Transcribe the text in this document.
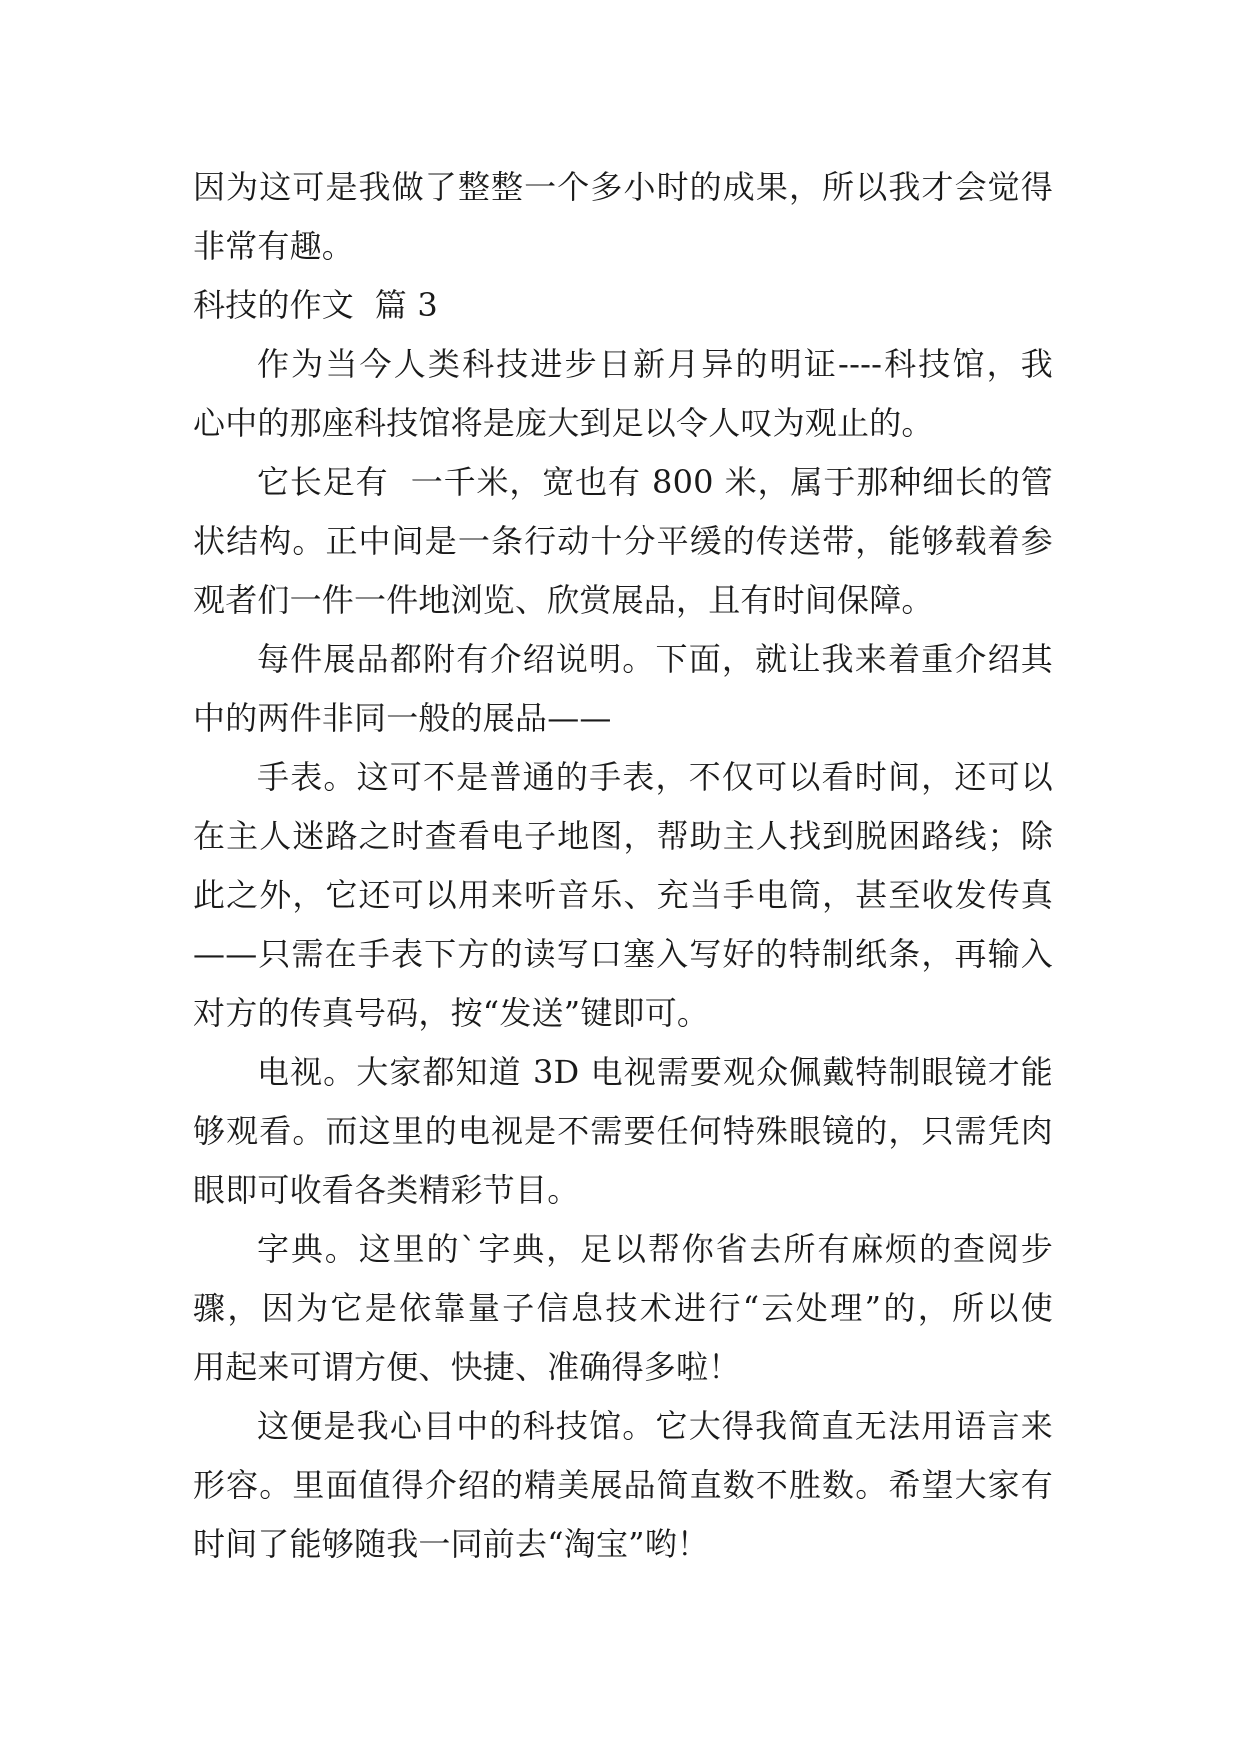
因为这可是我做了整整一个多小时的成果，所以我才会觉得
非常有趣。
科技的作文  篇 3
作为当今人类科技进步日新月异的明证----科技馆，我
心中的那座科技馆将是庞大到足以令人叹为观止的。
它长足有  一千米，宽也有 800 米，属于那种细长的管
状结构。正中间是一条行动十分平缓的传送带，能够载着参
观者们一件一件地浏览、欣赏展品，且有时间保障。
每件展品都附有介绍说明。下面，就让我来着重介绍其
中的两件非同一般的展品——
手表。这可不是普通的手表，不仅可以看时间，还可以
在主人迷路之时查看电子地图，帮助主人找到脱困路线；除
此之外，它还可以用来听音乐、充当手电筒，甚至收发传真
——只需在手表下方的读写口塞入写好的特制纸条，再输入
对方的传真号码，按“发送”键即可。
电视。大家都知道 3D 电视需要观众佩戴特制眼镜才能
够观看。而这里的电视是不需要任何特殊眼镜的，只需凭肉
眼即可收看各类精彩节目。
字典。这里的`字典，足以帮你省去所有麻烦的查阅步
骤，因为它是依靠量子信息技术进行“云处理”的，所以使
用起来可谓方便、快捷、准确得多啦！
这便是我心目中的科技馆。它大得我简直无法用语言来
形容。里面值得介绍的精美展品简直数不胜数。希望大家有
时间了能够随我一同前去“淘宝”哟！
